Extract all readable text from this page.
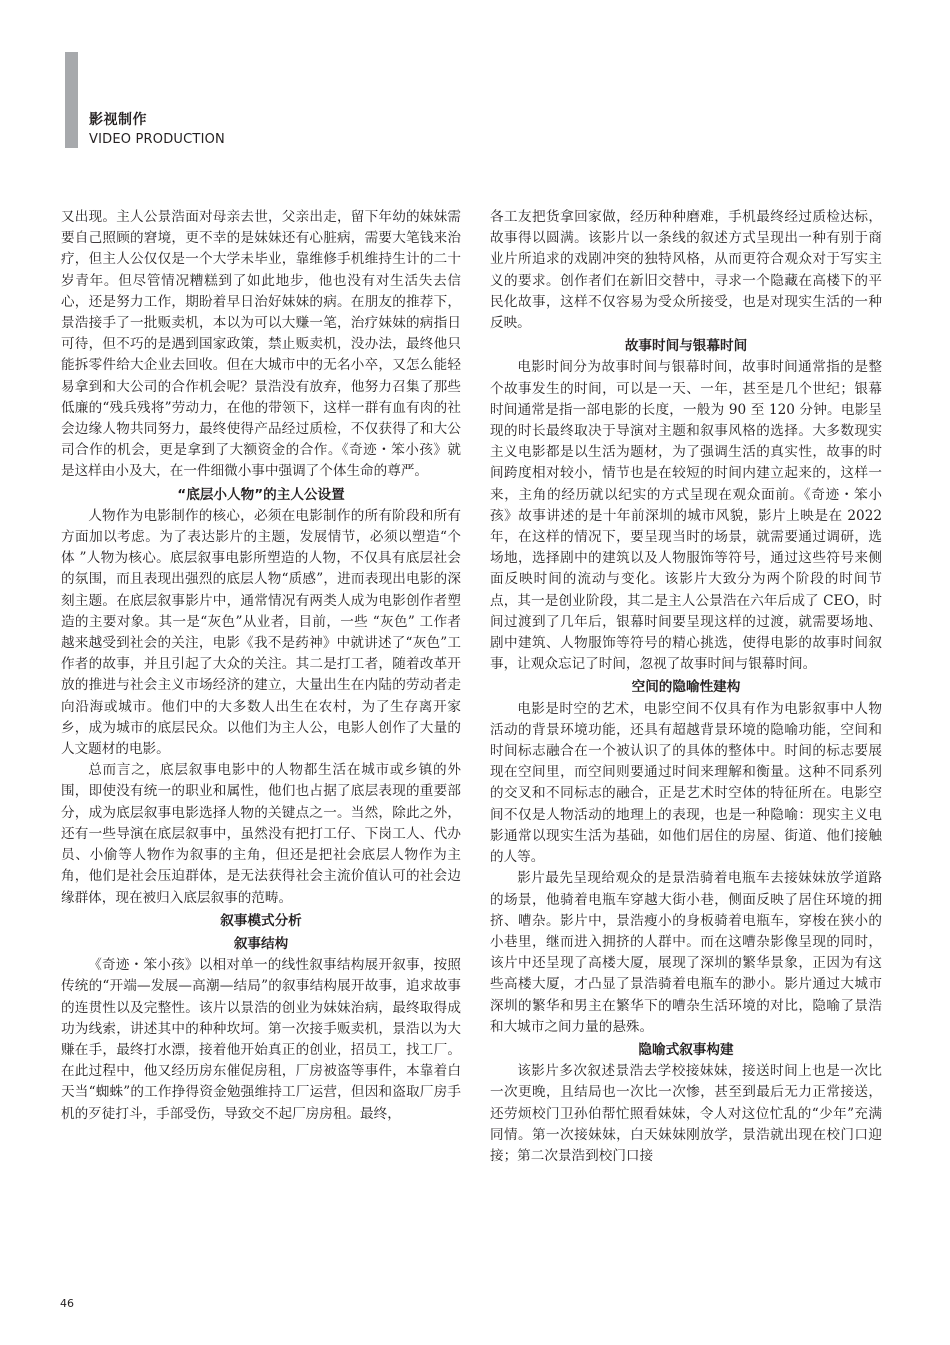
影视制作
VIDEO PRODUCTION

又出现。主人公景浩面对母亲去世，父亲出走，留下年幼的妹妹需要自己照顾的窘境，更不幸的是妹妹还有心脏病，需要大笔钱来治疗，但主人公仅仅是一个大学未毕业，靠维修手机维持生计的二十岁青年。但尽管情况糟糕到了如此地步，他也没有对生活失去信心，还是努力工作，期盼着早日治好妹妹的病。在朋友的推荐下，景浩接手了一批贩卖机，本以为可以大赚一笔，治疗妹妹的病指日可待，但不巧的是遇到国家政策，禁止贩卖机，没办法，最终他只能拆零件给大企业去回收。但在大城市中的无名小卒，又怎么能轻易拿到和大公司的合作机会呢？景浩没有放弃，他努力召集了那些低廉的“残兵残将”劳动力，在他的带领下，这样一群有血有肉的社会边缘人物共同努力，最终使得产品经过质检，不仅获得了和大公司合作的机会，更是拿到了大额资金的合作。《奇迹・笨小孩》就是这样由小及大，在一件细微小事中强调了个体生命的尊严。

“底层小人物”的主人公设置

人物作为电影制作的核心，必须在电影制作的所有阶段和所有方面加以考虑。为了表达影片的主题，发展情节，必须以塑造“个体 ”人物为核心。底层叙事电影所塑造的人物，不仅具有底层社会的氛围，而且表现出强烈的底层人物“质感”，进而表现出电影的深刻主题。在底层叙事影片中，通常情况有两类人成为电影创作者塑造的主要对象。其一是“灰色”从业者，目前，一些 “灰色” 工作者越来越受到社会的关注，电影《我不是药神》中就讲述了“灰色”工作者的故事，并且引起了大众的关注。其二是打工者，随着改革开放的推进与社会主义市场经济的建立，大量出生在内陆的劳动者走向沿海或城市。他们中的大多数人出生在农村，为了生存离开家乡，成为城市的底层民众。以他们为主人公，电影人创作了大量的人文题材的电影。

总而言之，底层叙事电影中的人物都生活在城市或乡镇的外围，即使没有统一的职业和属性，他们也占据了底层表现的重要部分，成为底层叙事电影选择人物的关键点之一。当然，除此之外，还有一些导演在底层叙事中，虽然没有把打工仔、下岗工人、代办员、小偷等人物作为叙事的主角，但还是把社会底层人物作为主角，他们是社会压迫群体，是无法获得社会主流价值认可的社会边缘群体，现在被归入底层叙事的范畴。

叙事模式分析
叙事结构

《奇迹・笨小孩》以相对单一的线性叙事结构展开叙事，按照传统的“开端—发展—高潮—结局”的叙事结构展开故事，追求故事的连贯性以及完整性。该片以景浩的创业为妹妹治病，最终取得成功为线索，讲述其中的种种坎坷。第一次接手贩卖机，景浩以为大赚在手，最终打水漂，接着他开始真正的创业，招员工，找工厂。在此过程中，他又经历房东催促房租，厂房被盗等事件，本靠着白天当“蜘蛛”的工作挣得资金勉强维持工厂运营，但因和盗取厂房手机的歹徒打斗，手部受伤，导致交不起厂房房租。最终，

各工友把货拿回家做，经历种种磨难，手机最终经过质检达标，故事得以圆满。该影片以一条线的叙述方式呈现出一种有别于商业片所追求的戏剧冲突的独特风格，从而更符合观众对于写实主义的要求。创作者们在新旧交替中，寻求一个隐藏在高楼下的平民化故事，这样不仅容易为受众所接受，也是对现实生活的一种反映。

故事时间与银幕时间

电影时间分为故事时间与银幕时间，故事时间通常指的是整个故事发生的时间，可以是一天、一年，甚至是几个世纪；银幕时间通常是指一部电影的长度，一般为 90 至 120 分钟。电影呈现的时长最终取决于导演对主题和叙事风格的选择。大多数现实主义电影都是以生活为题材，为了强调生活的真实性，故事的时间跨度相对较小，情节也是在较短的时间内建立起来的，这样一来，主角的经历就以纪实的方式呈现在观众面前。《奇迹・笨小孩》故事讲述的是十年前深圳的城市风貌，影片上映是在 2022 年，在这样的情况下，要呈现当时的场景，就需要通过调研，选场地，选择剧中的建筑以及人物服饰等符号，通过这些符号来侧面反映时间的流动与变化。该影片大致分为两个阶段的时间节点，其一是创业阶段，其二是主人公景浩在六年后成了 CEO，时间过渡到了几年后，银幕时间要呈现这样的过渡，就需要场地、剧中建筑、人物服饰等符号的精心挑选，使得电影的故事时间叙事，让观众忘记了时间，忽视了故事时间与银幕时间。

空间的隐喻性建构

电影是时空的艺术，电影空间不仅具有作为电影叙事中人物活动的背景环境功能，还具有超越背景环境的隐喻功能，空间和时间标志融合在一个被认识了的具体的整体中。时间的标志要展现在空间里，而空间则要通过时间来理解和衡量。这种不同系列的交叉和不同标志的融合，正是艺术时空体的特征所在。电影空间不仅是人物活动的地理上的表现，也是一种隐喻：现实主义电影通常以现实生活为基础，如他们居住的房屋、街道、他们接触的人等。

影片最先呈现给观众的是景浩骑着电瓶车去接妹妹放学道路的场景，他骑着电瓶车穿越大街小巷，侧面反映了居住环境的拥挤、嘈杂。影片中，景浩瘦小的身板骑着电瓶车，穿梭在狭小的小巷里，继而进入拥挤的人群中。而在这嘈杂影像呈现的同时，该片中还呈现了高楼大厦，展现了深圳的繁华景象，正因为有这些高楼大厦，才凸显了景浩骑着电瓶车的渺小。影片通过大城市深圳的繁华和男主在繁华下的嘈杂生活环境的对比，隐喻了景浩和大城市之间力量的悬殊。

隐喻式叙事构建

该影片多次叙述景浩去学校接妹妹，接送时间上也是一次比一次更晚，且结局也一次比一次惨，甚至到最后无力正常接送，还劳烦校门卫孙伯帮忙照看妹妹，令人对这位忙乱的“少年”充满同情。第一次接妹妹，白天妹妹刚放学，景浩就出现在校门口迎接；第二次景浩到校门口接

46
